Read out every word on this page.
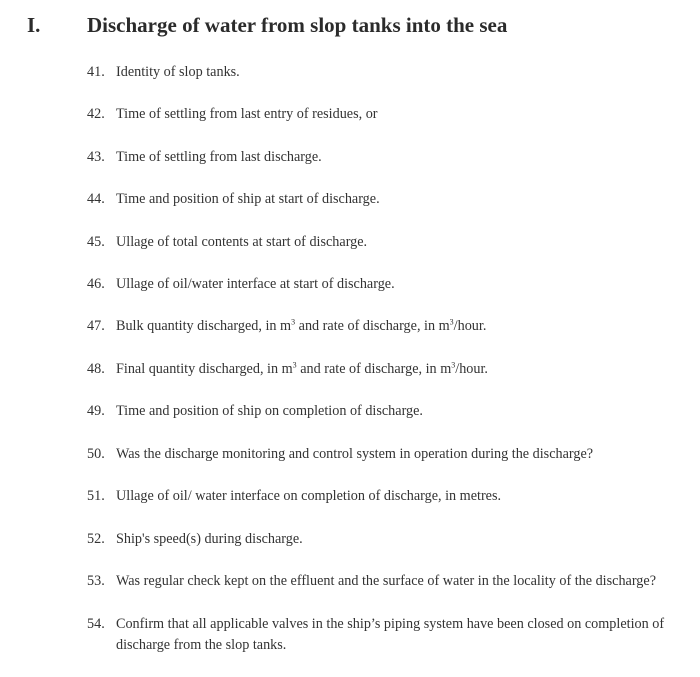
I. Discharge of water from slop tanks into the sea
41. Identity of slop tanks.
42. Time of settling from last entry of residues, or
43. Time of settling from last discharge.
44. Time and position of ship at start of discharge.
45. Ullage of total contents at start of discharge.
46. Ullage of oil/water interface at start of discharge.
47. Bulk quantity discharged, in $m^3$ and rate of discharge, in $m^3$/hour.
48. Final quantity discharged, in $m^3$ and rate of discharge, in $m^3$/hour.
49. Time and position of ship on completion of discharge.
50. Was the discharge monitoring and control system in operation during the discharge?
51. Ullage of oil/ water interface on completion of discharge, in metres.
52. Ship's speed(s) during discharge.
53. Was regular check kept on the effluent and the surface of water in the locality of the discharge?
54. Confirm that all applicable valves in the ship’s piping system have been closed on completion of discharge from the slop tanks.
